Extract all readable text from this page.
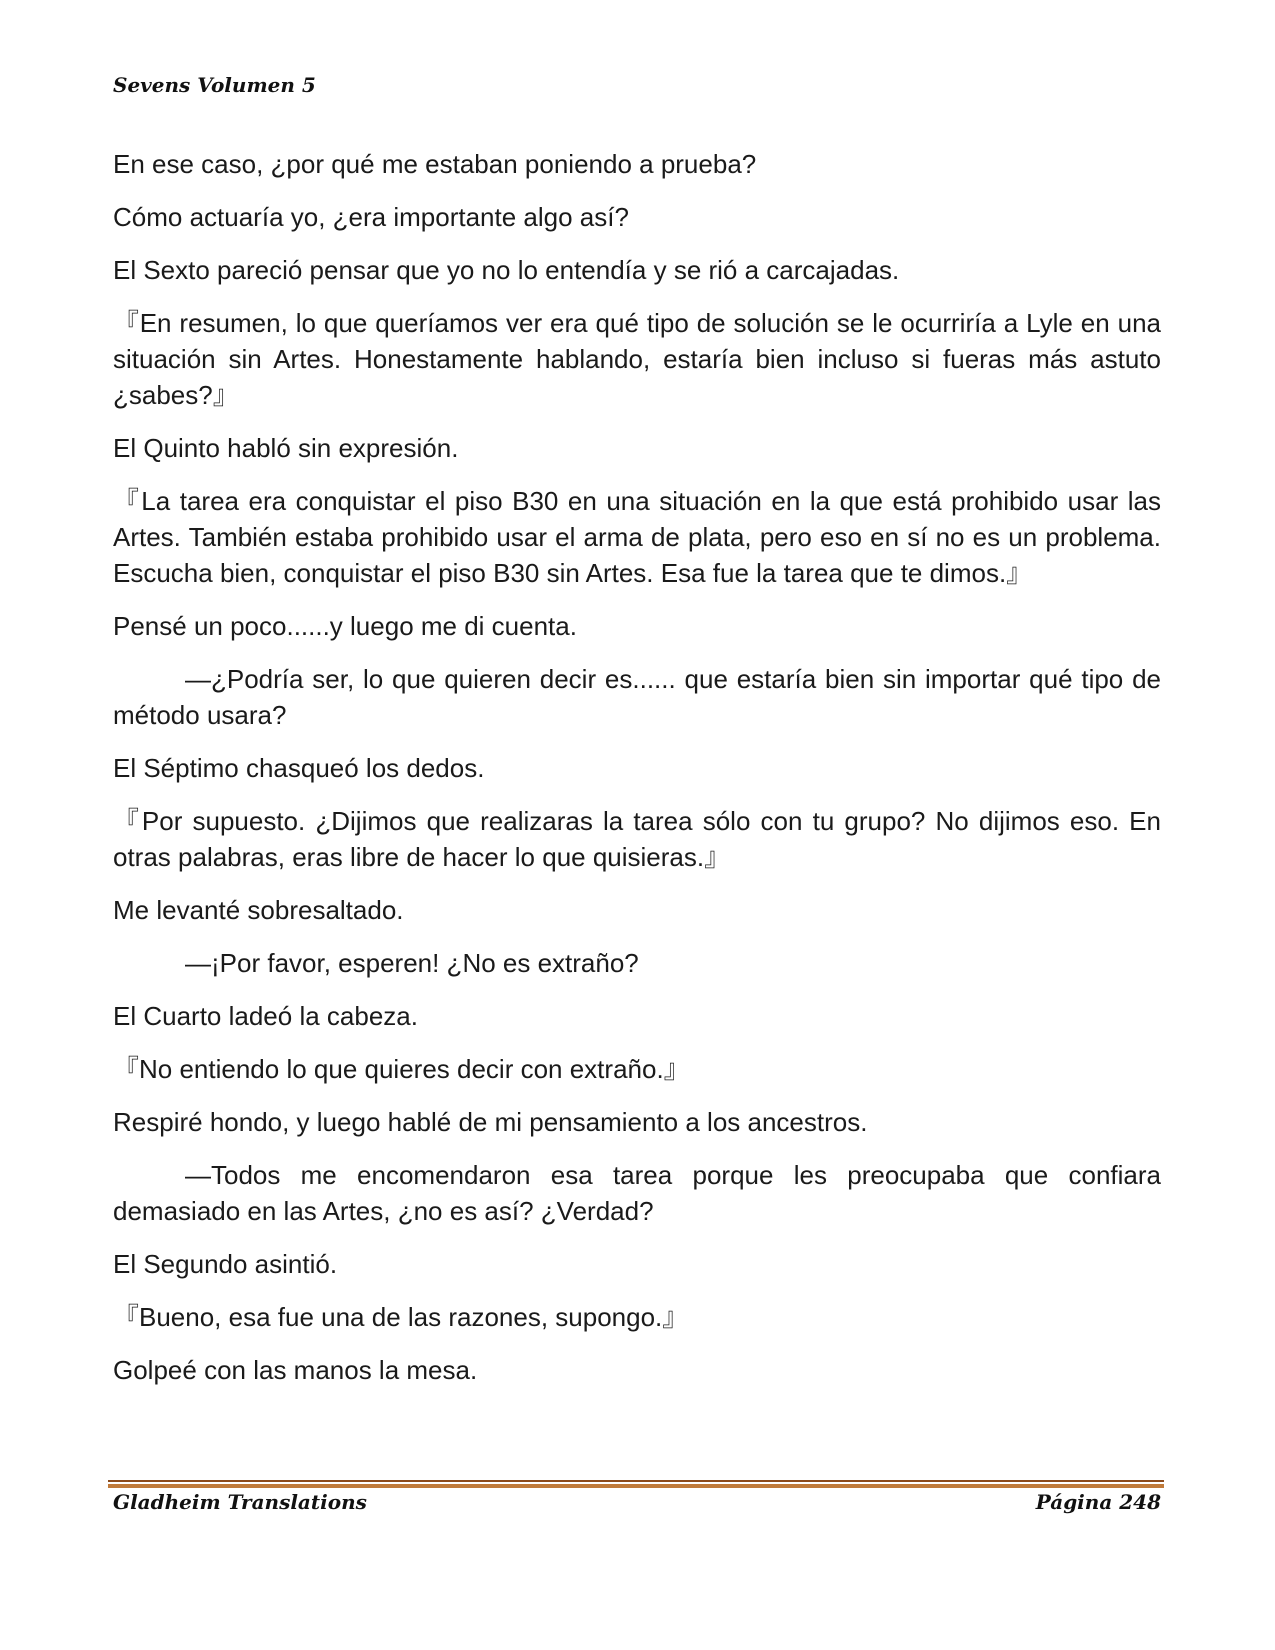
Sevens Volumen 5

En ese caso, ¿por qué me estaban poniendo a prueba?

Cómo actuaría yo, ¿era importante algo así?

El Sexto pareció pensar que yo no lo entendía y se rió a carcajadas.

『En resumen, lo que queríamos ver era qué tipo de solución se le ocurriría a Lyle en una situación sin Artes. Honestamente hablando, estaría bien incluso si fueras más astuto ¿sabes?』

El Quinto habló sin expresión.

『La tarea era conquistar el piso B30 en una situación en la que está prohibido usar las Artes. También estaba prohibido usar el arma de plata, pero eso en sí no es un problema. Escucha bien, conquistar el piso B30 sin Artes. Esa fue la tarea que te dimos.』

Pensé un poco......y luego me di cuenta.

—¿Podría ser, lo que quieren decir es...... que estaría bien sin importar qué tipo de método usara?

El Séptimo chasqueó los dedos.

『Por supuesto. ¿Dijimos que realizaras la tarea sólo con tu grupo? No dijimos eso. En otras palabras, eras libre de hacer lo que quisieras.』

Me levanté sobresaltado.

—¡Por favor, esperen! ¿No es extraño?

El Cuarto ladeó la cabeza.

『No entiendo lo que quieres decir con extraño.』

Respiré hondo, y luego hablé de mi pensamiento a los ancestros.

—Todos me encomendaron esa tarea porque les preocupaba que confiara demasiado en las Artes, ¿no es así? ¿Verdad?

El Segundo asintió.

『Bueno, esa fue una de las razones, supongo.』

Golpeé con las manos la mesa.

Gladheim Translations	Página 248
